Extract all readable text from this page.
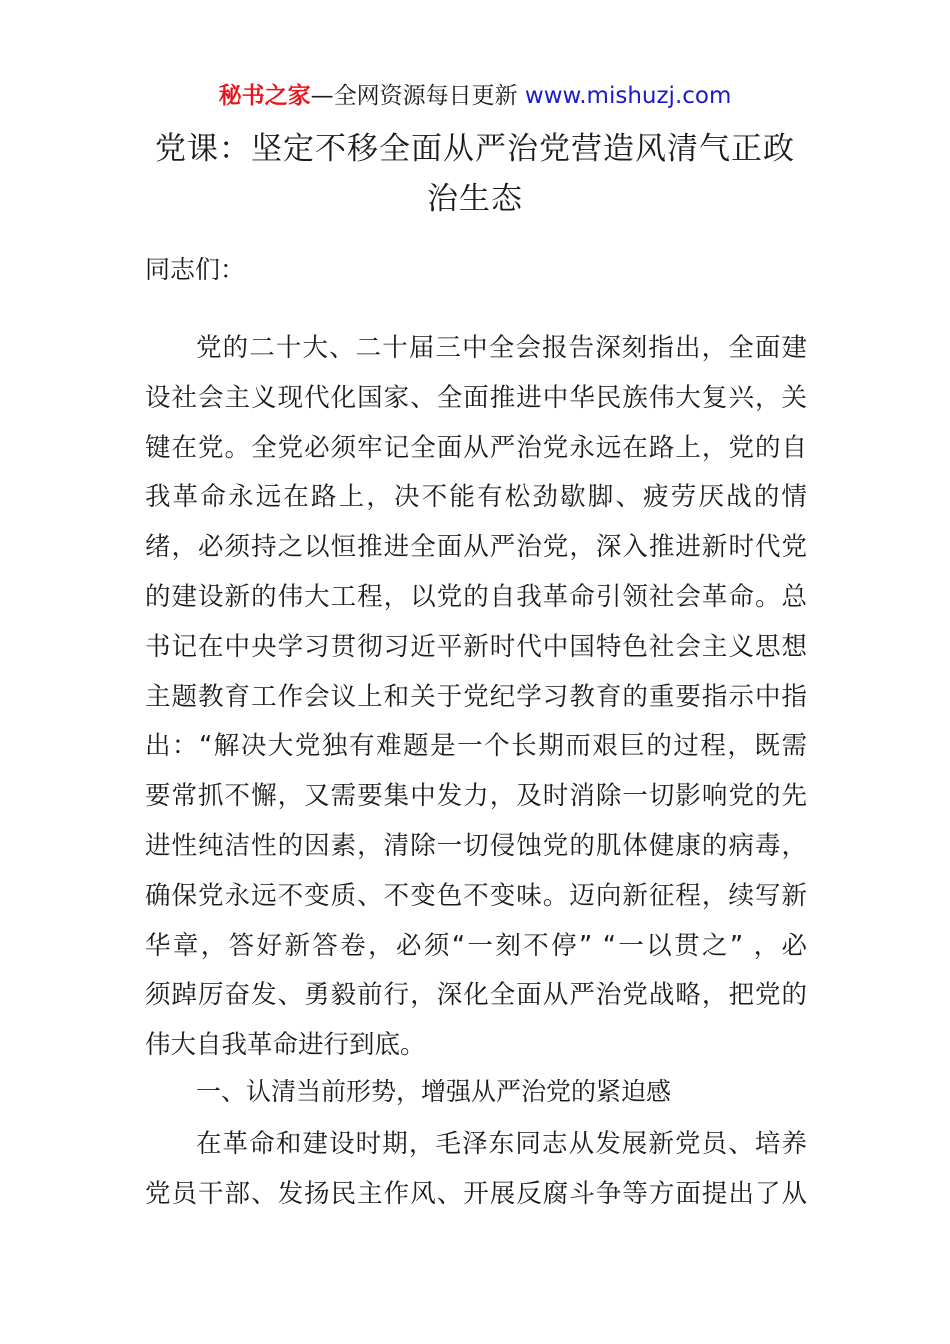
秘书之家—全网资源每日更新 www.mishuzj.com
党课：坚定不移全面从严治党营造风清气正政
治生态

同志们：

党的二十大、二十届三中全会报告深刻指出，全面建
设社会主义现代化国家、全面推进中华民族伟大复兴，关
键在党。全党必须牢记全面从严治党永远在路上，党的自
我革命永远在路上，决不能有松劲歇脚、疲劳厌战的情
绪，必须持之以恒推进全面从严治党，深入推进新时代党
的建设新的伟大工程，以党的自我革命引领社会革命。总
书记在中央学习贯彻习近平新时代中国特色社会主义思想
主题教育工作会议上和关于党纪学习教育的重要指示中指
出：“解决大党独有难题是一个长期而艰巨的过程，既需
要常抓不懈，又需要集中发力，及时消除一切影响党的先
进性纯洁性的因素，清除一切侵蚀党的肌体健康的病毒，
确保党永远不变质、不变色不变味。迈向新征程，续写新
华章，答好新答卷，必须“一刻不停” “一以贯之” ，必
须踔厉奋发、勇毅前行，深化全面从严治党战略，把党的
伟大自我革命进行到底。
一、认清当前形势，增强从严治党的紧迫感
在革命和建设时期，毛泽东同志从发展新党员、培养
党员干部、发扬民主作风、开展反腐斗争等方面提出了从
